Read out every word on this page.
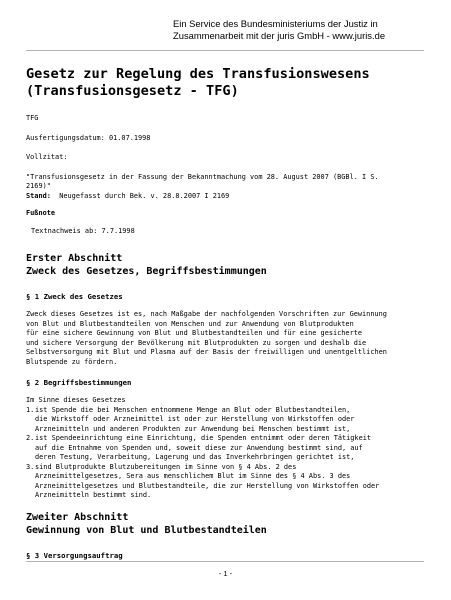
Ein Service des Bundesministeriums der Justiz in
Zusammenarbeit mit der juris GmbH - www.juris.de
Gesetz zur Regelung des Transfusionswesens
(Transfusionsgesetz - TFG)
TFG
Ausfertigungsdatum: 01.07.1998
Vollzitat:
"Transfusionsgesetz in der Fassung der Bekanntmachung vom 28. August 2007 (BGBl. I S.
2169)"
Stand: Neugefasst durch Bek. v. 28.8.2007 I 2169
Fußnote
Textnachweis ab: 7.7.1998
Erster Abschnitt
Zweck des Gesetzes, Begriffsbestimmungen
§ 1 Zweck des Gesetzes
Zweck dieses Gesetzes ist es, nach Maßgabe der nachfolgenden Vorschriften zur Gewinnung
von Blut und Blutbestandteilen von Menschen und zur Anwendung von Blutprodukten
für eine sichere Gewinnung von Blut und Blutbestandteilen und für eine gesicherte
und sichere Versorgung der Bevölkerung mit Blutprodukten zu sorgen und deshalb die
Selbstversorgung mit Blut und Plasma auf der Basis der freiwilligen und unentgeltlichen
Blutspende zu fördern.
§ 2 Begriffsbestimmungen
Im Sinne dieses Gesetzes
1. ist Spende die bei Menschen entnommene Menge an Blut oder Blutbestandteilen,
die Wirkstoff oder Arzneimittel ist oder zur Herstellung von Wirkstoffen oder
Arzneimitteln und anderen Produkten zur Anwendung bei Menschen bestimmt ist,
2. ist Spendeeinrichtung eine Einrichtung, die Spenden entnimmt oder deren Tätigkeit
auf die Entnahme von Spenden und, soweit diese zur Anwendung bestimmt sind, auf
deren Testung, Verarbeitung, Lagerung und das Inverkehrbringen gerichtet ist,
3. sind Blutprodukte Blutzubereitungen im Sinne von § 4 Abs. 2 des
Arzneimittelgesetzes, Sera aus menschlichem Blut im Sinne des § 4 Abs. 3 des
Arzneimittelgesetzes und Blutbestandteile, die zur Herstellung von Wirkstoffen oder
Arzneimitteln bestimmt sind.
Zweiter Abschnitt
Gewinnung von Blut und Blutbestandteilen
§ 3 Versorgungsauftrag
- 1 -
